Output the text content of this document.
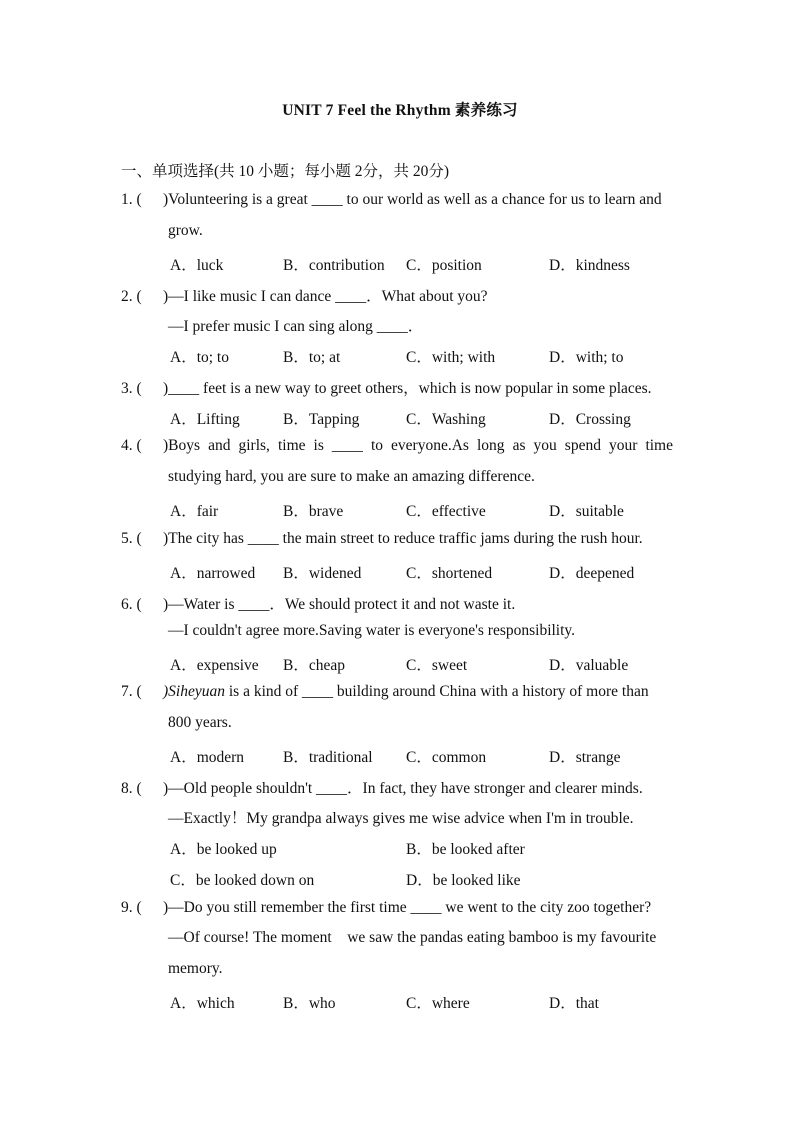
UNIT 7 Feel the Rhythm 素养练习
一、单项选择(共 10 小题；每小题 2分，共 20分)
1. ( )Volunteering is a great ____ to our world as well as a chance for us to learn and
grow.
A．luck	B．contribution C．position	D．kindness
2. ( )—I like music I can dance ____．What about you?
—I prefer music I can sing along ____．
A．to; to	B．to; at	C．with; with	D．with; to
3. ( )____ feet is a new way to greet others，which is now popular in some places.
A．Lifting	B．Tapping	C．Washing	D．Crossing
4. ( )Boys and girls, time is ____ to everyone.As long as you spend your time
studying hard, you are sure to make an amazing difference.
A．fair	B．brave	C．effective	D．suitable
5. ( )The city has ____ the main street to reduce traffic jams during the rush hour.
A．narrowed B．widened	C．shortened	D．deepened
6. ( )—Water is ____．We should protect it and not waste it.
—I couldn't agree more.Saving water is everyone's responsibility.
A．expensive B．cheap	C．sweet	D．valuable
7. ( )Siheyuan is a kind of ____ building around China with a history of more than
800 years.
A．modern	B．traditional C．common	D．strange
8. ( )—Old people shouldn't ____．In fact, they have stronger and clearer minds.
—Exactly！My grandpa always gives me wise advice when I'm in trouble.
A．be looked up	B．be looked after
C．be looked down on	D．be looked like
9. ( )—Do you still remember the first time ____ we went to the city zoo together?
—Of course! The moment    we saw the pandas eating bamboo is my favourite
memory.
A．which	B．who	C．where	D．that
